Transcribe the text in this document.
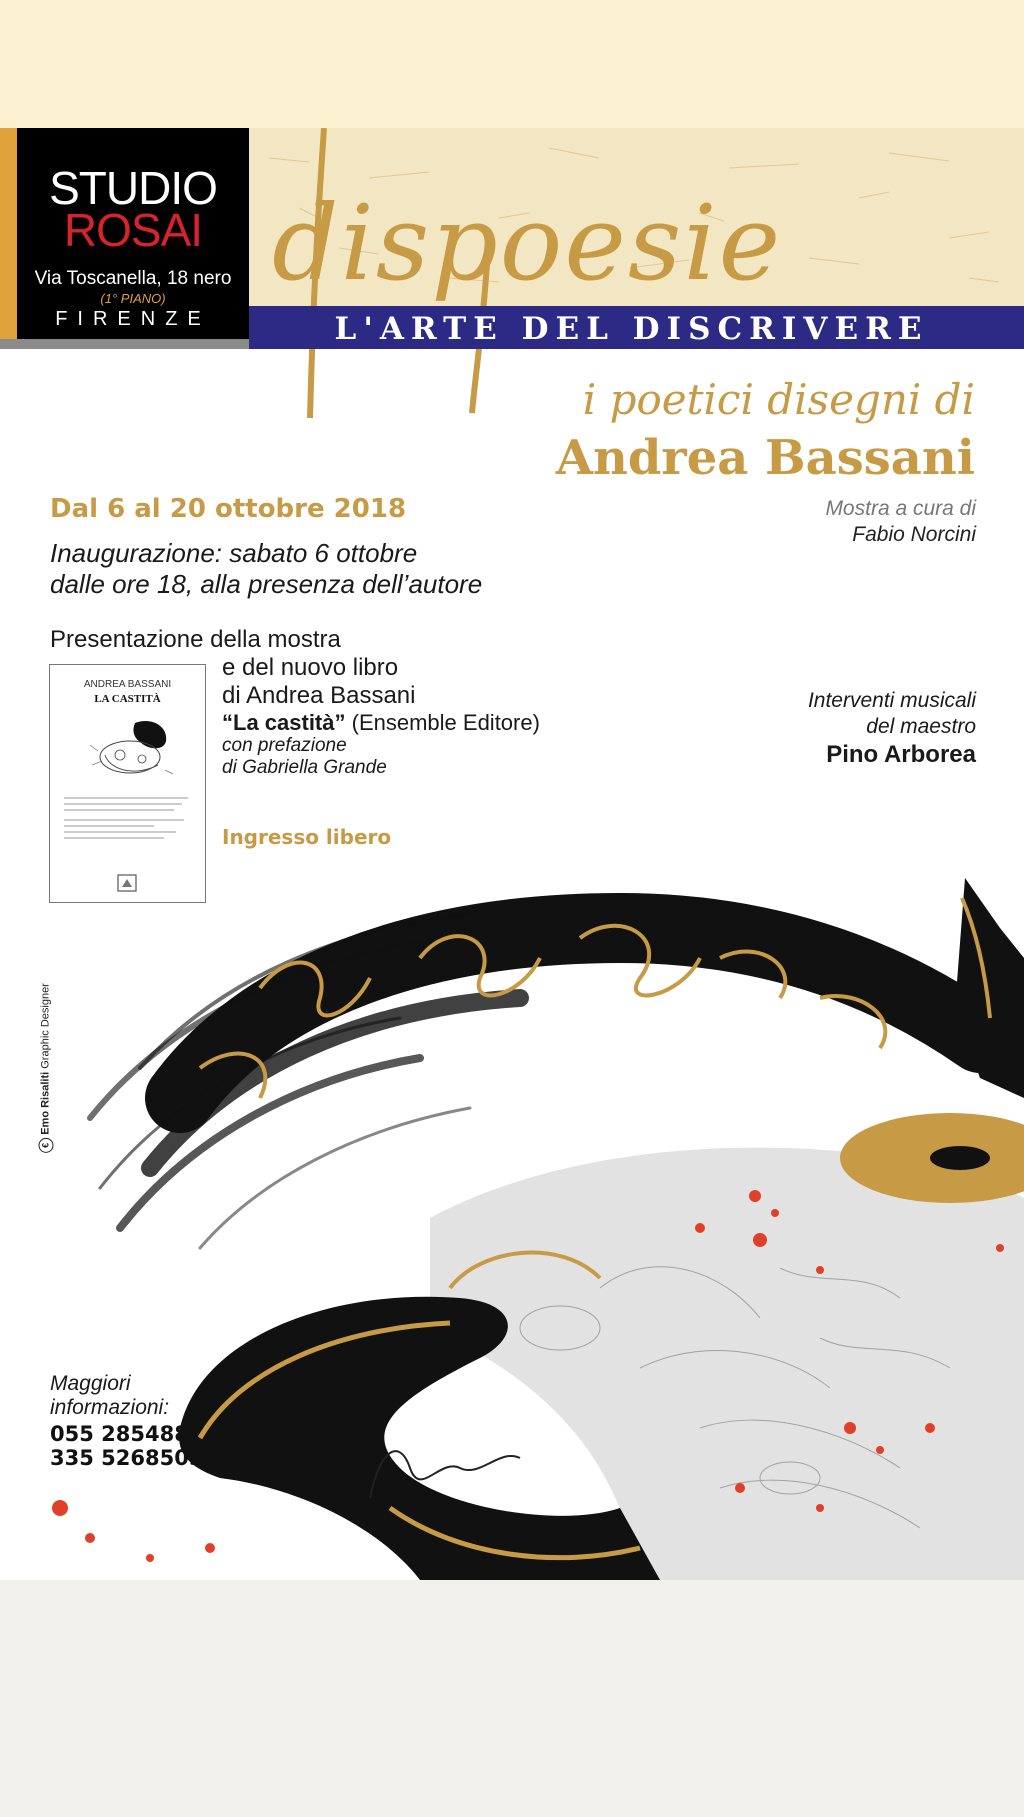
dispoesie
L'ARTE DEL DISCRIVERE
STUDIO
ROSAI
Via Toscanella, 18 nero
(1° PIANO)
FIRENZE
i poetici disegni di
Andrea Bassani
Dal 6 al 20 ottobre 2018	Mostra a cura di
Fabio Norcini
Inaugurazione: sabato 6 ottobre
dalle ore 18, alla presenza dell’autore
Presentazione della mostra
e del nuovo libro
di Andrea Bassani
“La castità” (Ensemble Editore)
con prefazione
di Gabriella Grande
Ingresso libero
Interventi musicali
del maestro
Pino Arborea
ANDREA BASSANI
LA CASTITÀ
€ Emo Risaliti Graphic Designer
Maggiori
informazioni:
055 285488
335 5268505
